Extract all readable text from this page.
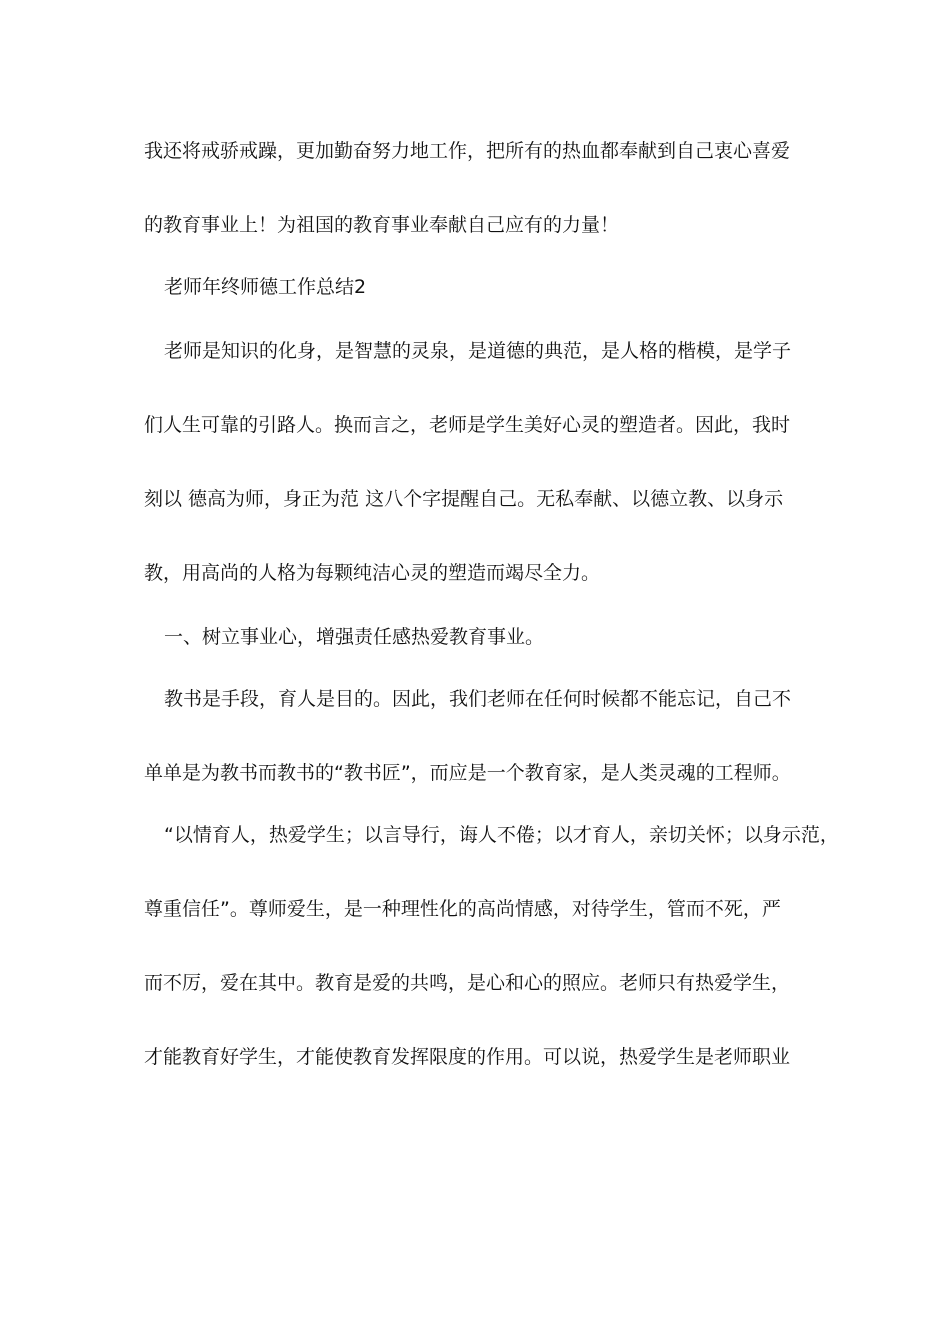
我还将戒骄戒躁，更加勤奋努力地工作，把所有的热血都奉献到自己衷心喜爱
的教育事业上！为祖国的教育事业奉献自己应有的力量！
老师年终师德工作总结2
老师是知识的化身，是智慧的灵泉，是道德的典范，是人格的楷模，是学子
们人生可靠的引路人。换而言之，老师是学生美好心灵的塑造者。因此，我时
刻以 德高为师，身正为范 这八个字提醒自己。无私奉献、以德立教、以身示
教，用高尚的人格为每颗纯洁心灵的塑造而竭尽全力。
一、树立事业心，增强责任感热爱教育事业。
教书是手段，育人是目的。因此，我们老师在任何时候都不能忘记，自己不
单单是为教书而教书的“教书匠”，而应是一个教育家，是人类灵魂的工程师。
“以情育人，热爱学生；以言导行，诲人不倦；以才育人，亲切关怀；以身示范，
尊重信任”。尊师爱生，是一种理性化的高尚情感，对待学生，管而不死，严
而不厉，爱在其中。教育是爱的共鸣，是心和心的照应。老师只有热爱学生，
才能教育好学生，才能使教育发挥限度的作用。可以说，热爱学生是老师职业
